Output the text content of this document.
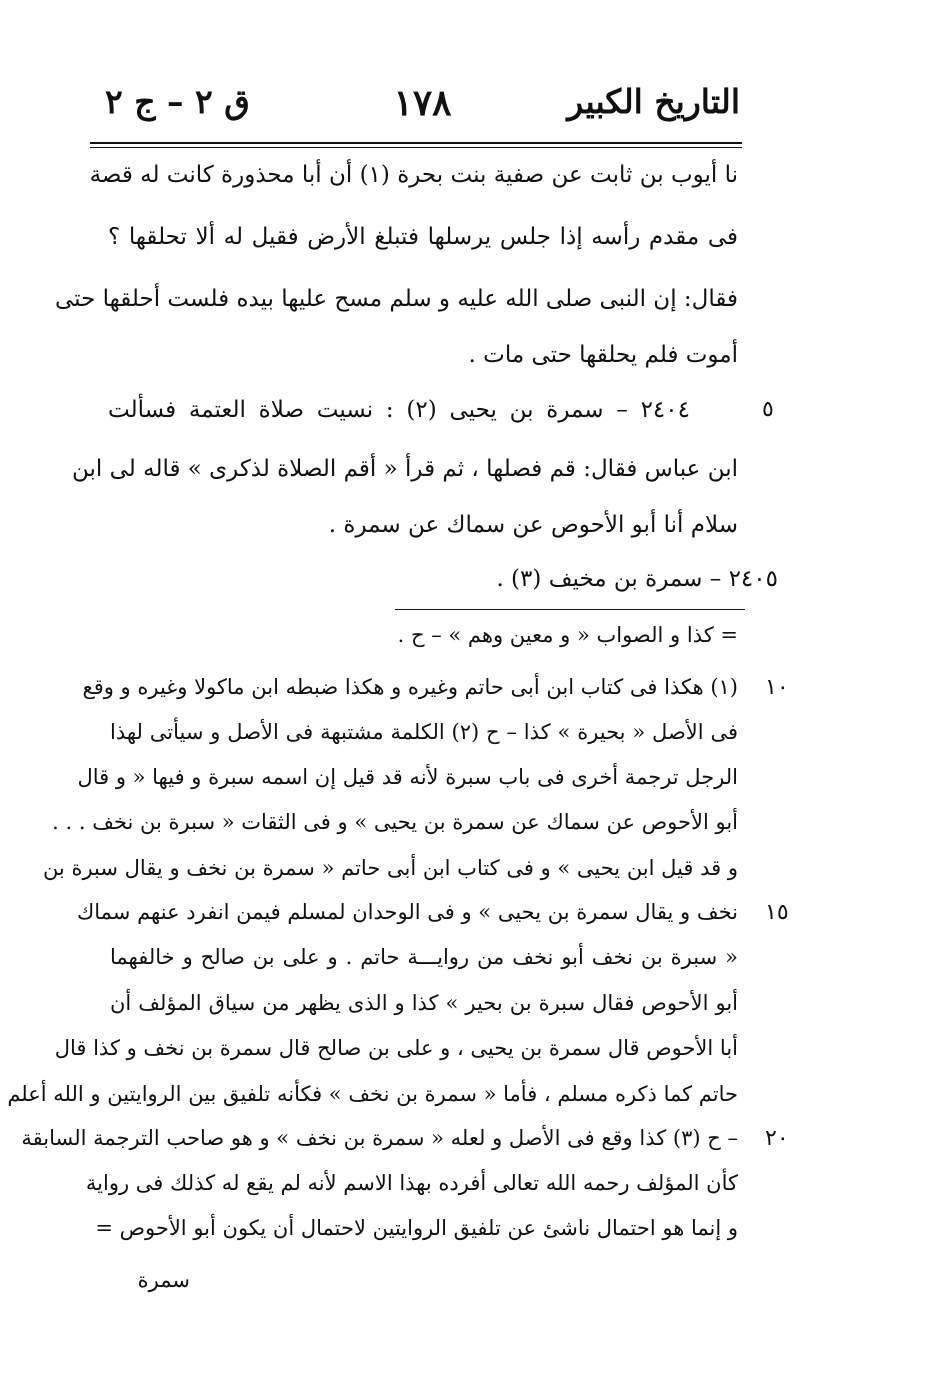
التاريخ الكبير
١٧٨
ق ٢ – ج ٢
نا أيوب بن ثابت عن صفية بنت بحرة (١) أن أبا محذورة كانت له قصة
فى مقدم رأسه إذا جلس يرسلها فتبلغ الأرض فقيل له ألا تحلقها ؟
فقال: إن النبى صلى الله عليه و سلم مسح عليها بيده فلست أحلقها حتى
أموت فلم يحلقها حتى مات .
٢٤٠٤ – سمرة بن يحيى (٢) : نسيت صلاة العتمة فسألت
ابن عباس فقال: قم فصلها ، ثم قرأ « أقم الصلاة لذكرى » قاله لى ابن
سلام أنا أبو الأحوص عن سماك عن سمرة .
٢٤٠٥ – سمرة بن مخيف (٣) .
٥
= كذا و الصواب « و معين وهم » – ح .
(١) هكذا فى كتاب ابن أبى حاتم وغيره و هكذا ضبطه ابن ماكولا وغيره و وقع
فى الأصل « بحيرة » كذا – ح (٢) الكلمة مشتبهة فى الأصل و سيأتى لهذا
الرجل ترجمة أخرى فى باب سبرة لأنه قد قيل إن اسمه سبرة و فيها « و قال
أبو الأحوص عن سماك عن سمرة بن يحيى » و فى الثقات « سبرة بن نخف . . .
و قد قيل ابن يحيى » و فى كتاب ابن أبى حاتم « سمرة بن نخف و يقال سبرة بن
نخف و يقال سمرة بن يحيى » و فى الوحدان لمسلم فيمن انفرد عنهم سماك
« سبرة بن نخف أبو نخف من روايـــة حاتم . و على بن صالح و خالفهما
أبو الأحوص فقال سبرة بن بحير » كذا و الذى يظهر من سياق المؤلف أن
أبا الأحوص قال سمرة بن يحيى ، و على بن صالح قال سمرة بن نخف و كذا قال
حاتم كما ذكره مسلم ، فأما « سمرة بن نخف » فكأنه تلفيق بين الروايتين و الله أعلم
– ح (٣) كذا وقع فى الأصل و لعله « سمرة بن نخف » و هو صاحب الترجمة السابقة
كأن المؤلف رحمه الله تعالى أفرده بهذا الاسم لأنه لم يقع له كذلك فى رواية
و إنما هو احتمال ناشئ عن تلفيق الروايتين لاحتمال أن يكون أبو الأحوص =
سمرة
١٠
١٥
٢٠
